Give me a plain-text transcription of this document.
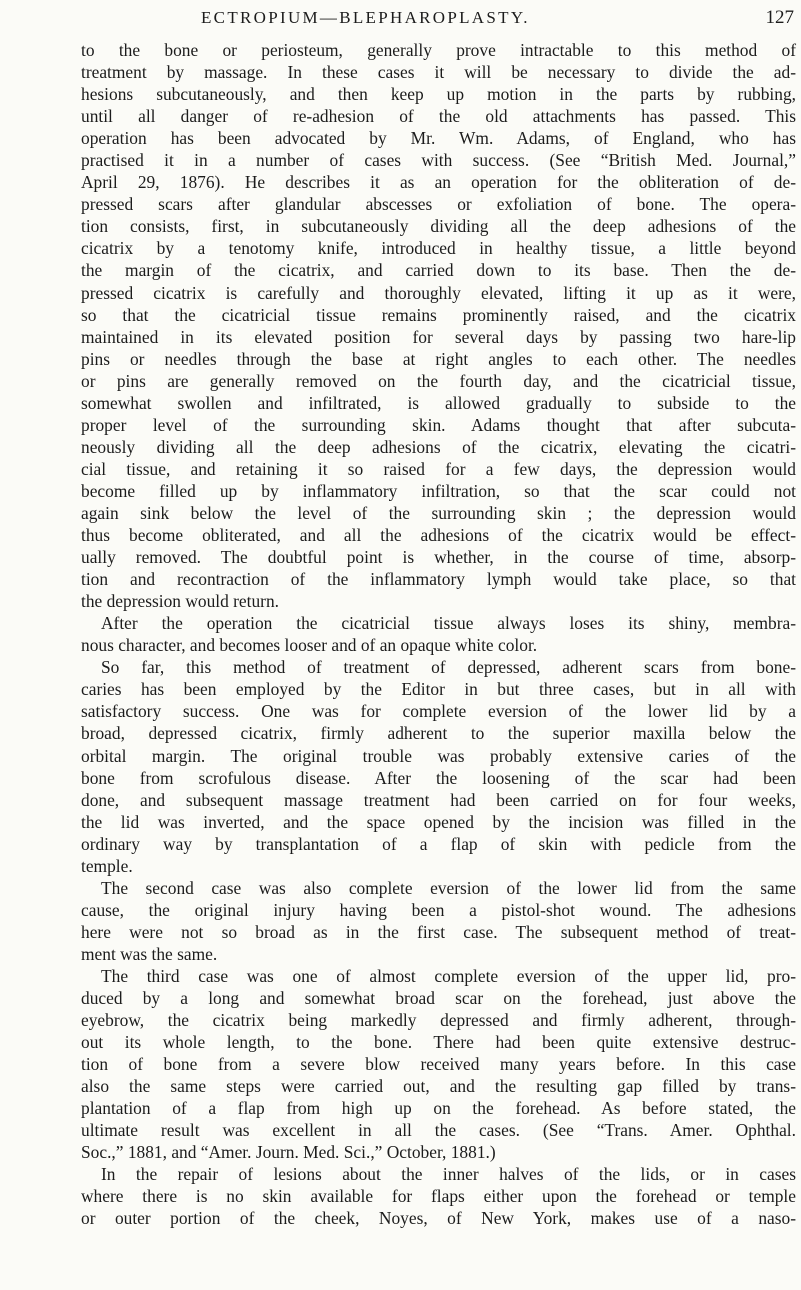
ECTROPIUM—BLEPHAROPLASTY.	127
to the bone or periosteum, generally prove intractable to this method of
treatment by massage. In these cases it will be necessary to divide the ad-
hesions subcutaneously, and then keep up motion in the parts by rubbing,
until all danger of re-adhesion of the old attachments has passed. This
operation has been advocated by Mr. Wm. Adams, of England, who has
practised it in a number of cases with success. (See “British Med. Journal,”
April 29, 1876). He describes it as an operation for the obliteration of de-
pressed scars after glandular abscesses or exfoliation of bone. The opera-
tion consists, first, in subcutaneously dividing all the deep adhesions of the
cicatrix by a tenotomy knife, introduced in healthy tissue, a little beyond
the margin of the cicatrix, and carried down to its base. Then the de-
pressed cicatrix is carefully and thoroughly elevated, lifting it up as it were,
so that the cicatricial tissue remains prominently raised, and the cicatrix
maintained in its elevated position for several days by passing two hare-lip
pins or needles through the base at right angles to each other. The needles
or pins are generally removed on the fourth day, and the cicatricial tissue,
somewhat swollen and infiltrated, is allowed gradually to subside to the
proper level of the surrounding skin. Adams thought that after subcuta-
neously dividing all the deep adhesions of the cicatrix, elevating the cicatri-
cial tissue, and retaining it so raised for a few days, the depression would
become filled up by inflammatory infiltration, so that the scar could not
again sink below the level of the surrounding skin ; the depression would
thus become obliterated, and all the adhesions of the cicatrix would be effect-
ually removed. The doubtful point is whether, in the course of time, absorp-
tion and recontraction of the inflammatory lymph would take place, so that
the depression would return.
After the operation the cicatricial tissue always loses its shiny, membra-
nous character, and becomes looser and of an opaque white color.
So far, this method of treatment of depressed, adherent scars from bone-
caries has been employed by the Editor in but three cases, but in all with
satisfactory success. One was for complete eversion of the lower lid by a
broad, depressed cicatrix, firmly adherent to the superior maxilla below the
orbital margin. The original trouble was probably extensive caries of the
bone from scrofulous disease. After the loosening of the scar had been
done, and subsequent massage treatment had been carried on for four weeks,
the lid was inverted, and the space opened by the incision was filled in the
ordinary way by transplantation of a flap of skin with pedicle from the
temple.
The second case was also complete eversion of the lower lid from the same
cause, the original injury having been a pistol-shot wound. The adhesions
here were not so broad as in the first case. The subsequent method of treat-
ment was the same.
The third case was one of almost complete eversion of the upper lid, pro-
duced by a long and somewhat broad scar on the forehead, just above the
eyebrow, the cicatrix being markedly depressed and firmly adherent, through-
out its whole length, to the bone. There had been quite extensive destruc-
tion of bone from a severe blow received many years before. In this case
also the same steps were carried out, and the resulting gap filled by trans-
plantation of a flap from high up on the forehead. As before stated, the
ultimate result was excellent in all the cases. (See “Trans. Amer. Ophthal.
Soc.,” 1881, and “Amer. Journ. Med. Sci.,” October, 1881.)
In the repair of lesions about the inner halves of the lids, or in cases
where there is no skin available for flaps either upon the forehead or temple
or outer portion of the cheek, Noyes, of New York, makes use of a naso-
